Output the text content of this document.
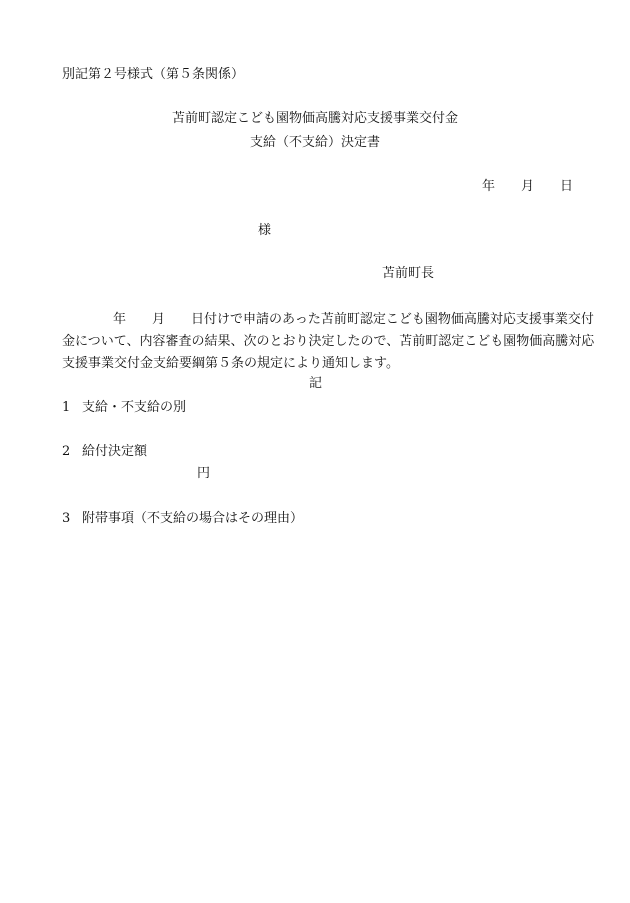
別記第２号様式（第５条関係）
苫前町認定こども園物価高騰対応支援事業交付金
支給（不支給）決定書
年 月 日
様
苫前町長
年 月 日付けで申請のあった苫前町認定こども園物価高騰対応支援事業交付
金について、内容審査の結果、次のとおり決定したので、苫前町認定こども園物価高騰対応
支援事業交付金支給要綱第５条の規定により通知します。
記
1 支給・不支給の別
2 給付決定額
円
3 附帯事項（不支給の場合はその理由）
